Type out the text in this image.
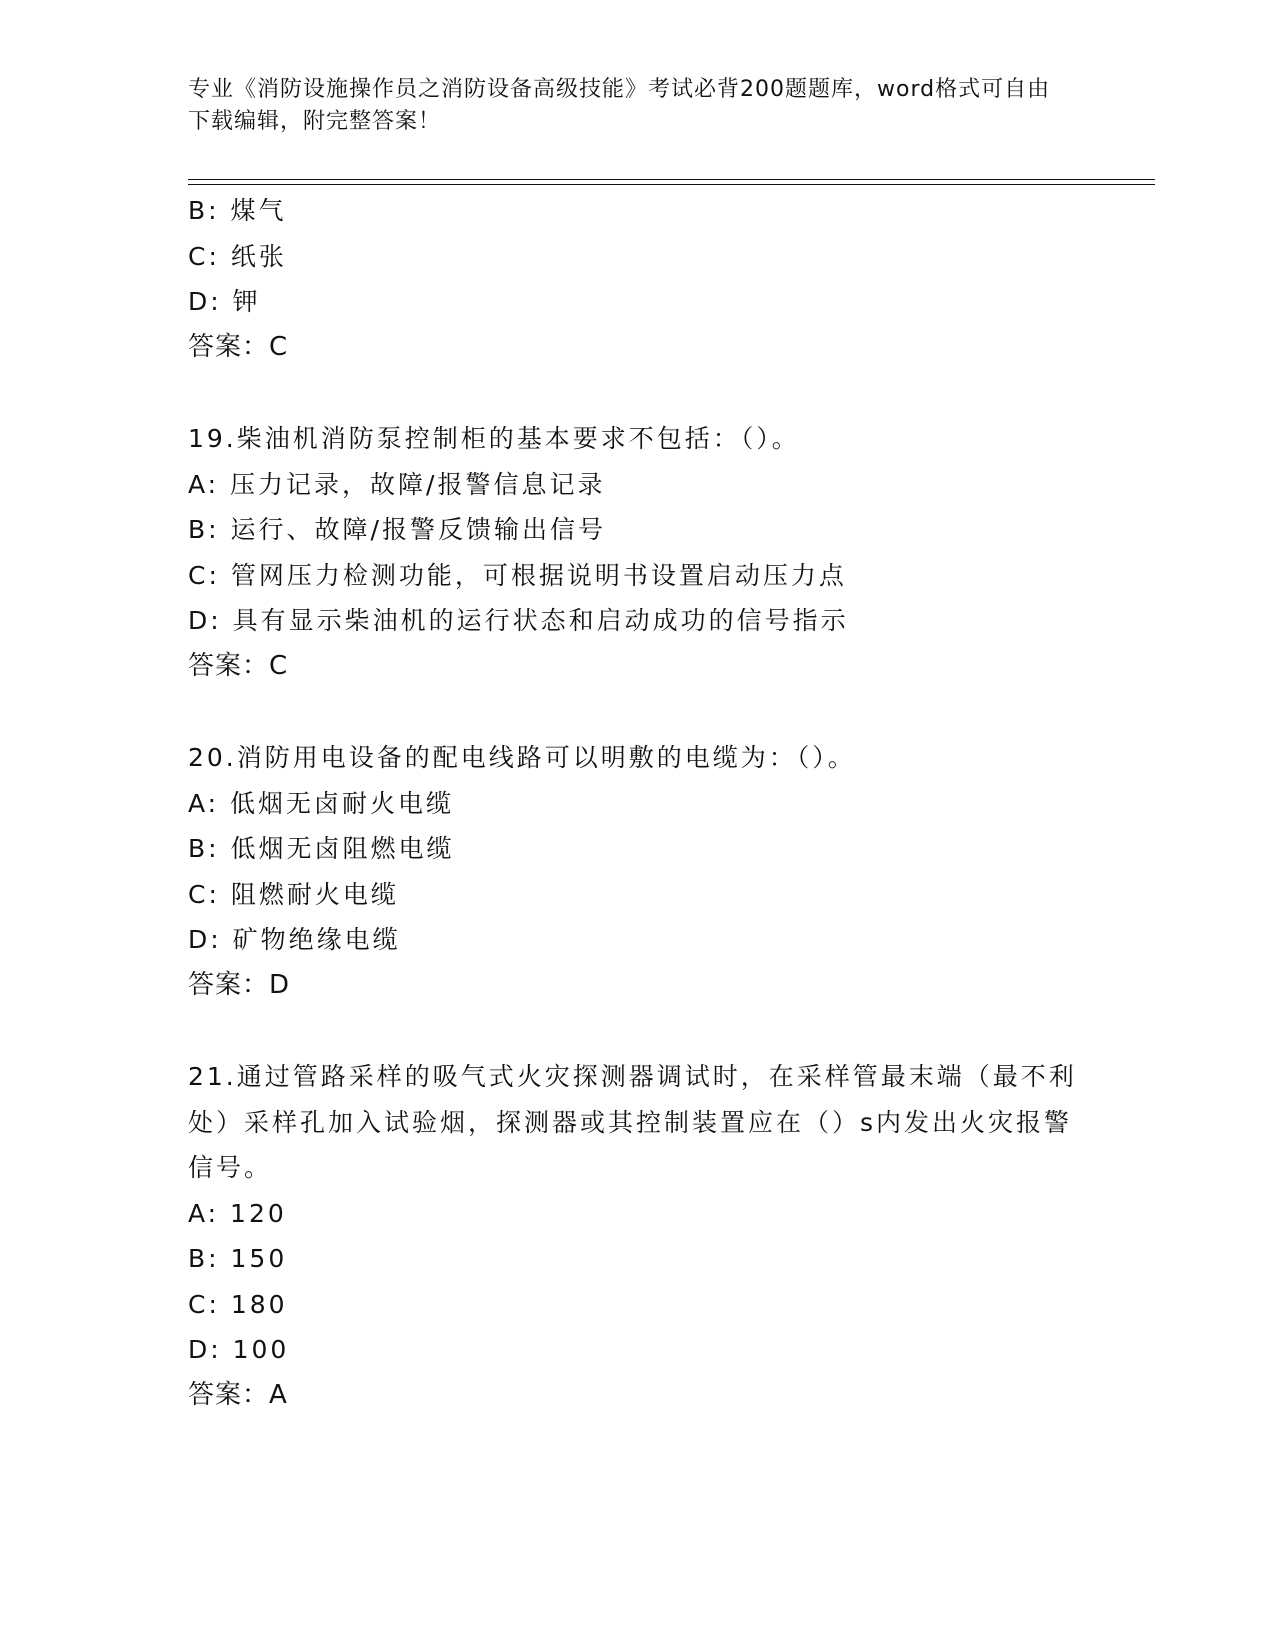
专业《消防设施操作员之消防设备高级技能》考试必背200题题库，word格式可自由下载编辑，附完整答案！
B: 煤气
C: 纸张
D: 钾
答案：C
19.柴油机消防泵控制柜的基本要求不包括：（）。
A: 压力记录，故障/报警信息记录
B: 运行、故障/报警反馈输出信号
C: 管网压力检测功能，可根据说明书设置启动压力点
D: 具有显示柴油机的运行状态和启动成功的信号指示
答案：C
20.消防用电设备的配电线路可以明敷的电缆为：（）。
A: 低烟无卤耐火电缆
B: 低烟无卤阻燃电缆
C: 阻燃耐火电缆
D: 矿物绝缘电缆
答案：D
21.通过管路采样的吸气式火灾探测器调试时，在采样管最末端（最不利处）采样孔加入试验烟，探测器或其控制装置应在（）s内发出火灾报警信号。
A: 120
B: 150
C: 180
D: 100
答案：A
